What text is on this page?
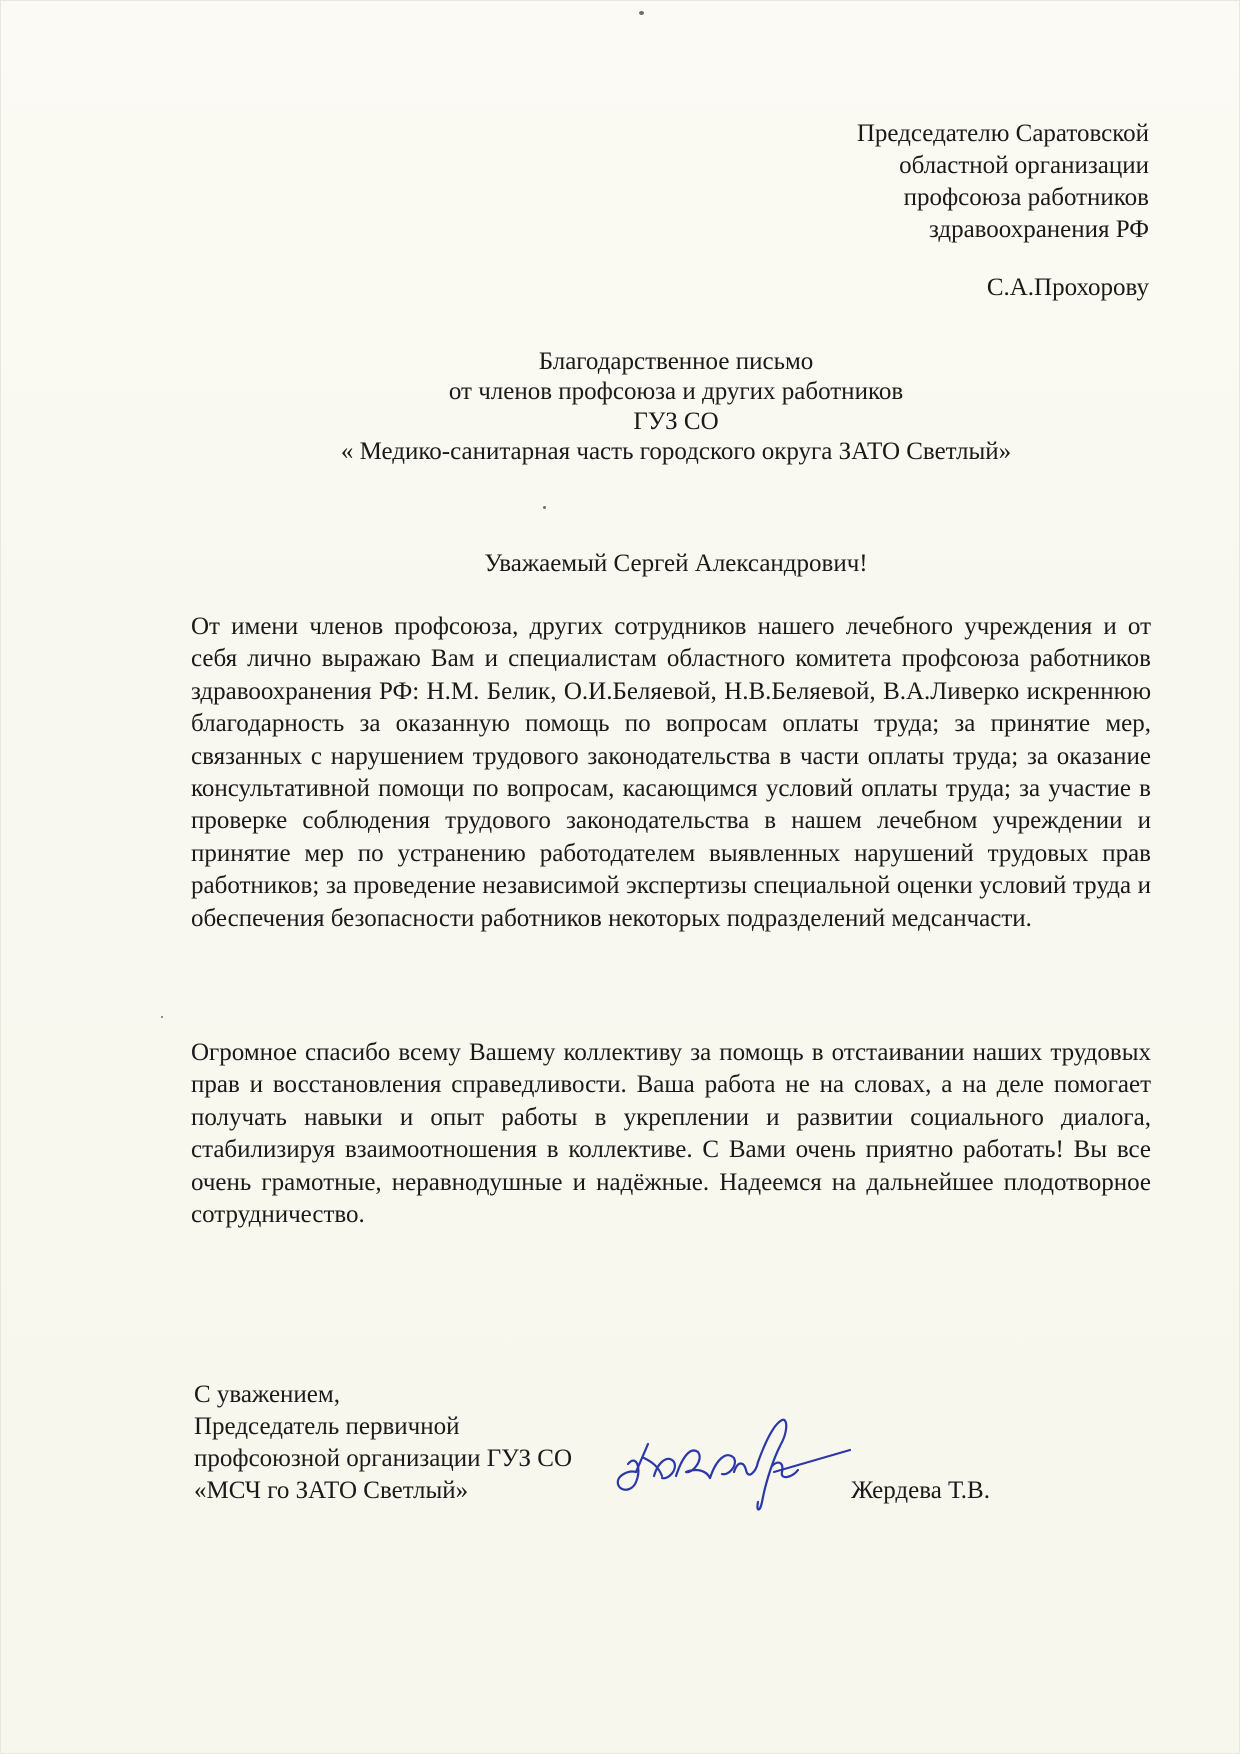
Председателю Саратовской
областной организации
профсоюза работников
здравоохранения РФ
С.А.Прохорову
Благодарственное письмо
от членов профсоюза и других работников
ГУЗ СО
« Медико-санитарная часть городского округа ЗАТО Светлый»
Уважаемый Сергей Александрович!
От имени членов профсоюза, других сотрудников нашего лечебного учреждения и от себя лично выражаю Вам и специалистам областного комитета профсоюза работников здравоохранения РФ: Н.М. Белик, О.И.Беляевой, Н.В.Беляевой, В.А.Ливерко искреннюю благодарность за оказанную помощь по вопросам оплаты труда; за принятие мер, связанных с нарушением трудового законодательства в части оплаты труда; за оказание консультативной помощи по вопросам, касающимся условий оплаты труда; за участие в проверке соблюдения трудового законодательства в нашем лечебном учреждении и принятие мер по устранению работодателем выявленных нарушений трудовых прав работников; за проведение независимой экспертизы специальной оценки условий труда и обеспечения безопасности работников некоторых подразделений медсанчасти.
Огромное спасибо всему Вашему коллективу за помощь в отстаивании наших трудовых прав и восстановления справедливости. Ваша работа не на словах, а на деле помогает получать навыки и опыт работы в укреплении и развитии социального диалога, стабилизируя взаимоотношения в коллективе. С Вами очень приятно работать! Вы все очень грамотные, неравнодушные и надёжные. Надеемся на дальнейшее плодотворное сотрудничество.
С уважением,
Председатель первичной
профсоюзной организации ГУЗ СО
«МСЧ го ЗАТО Светлый»	Жердева Т.В.
